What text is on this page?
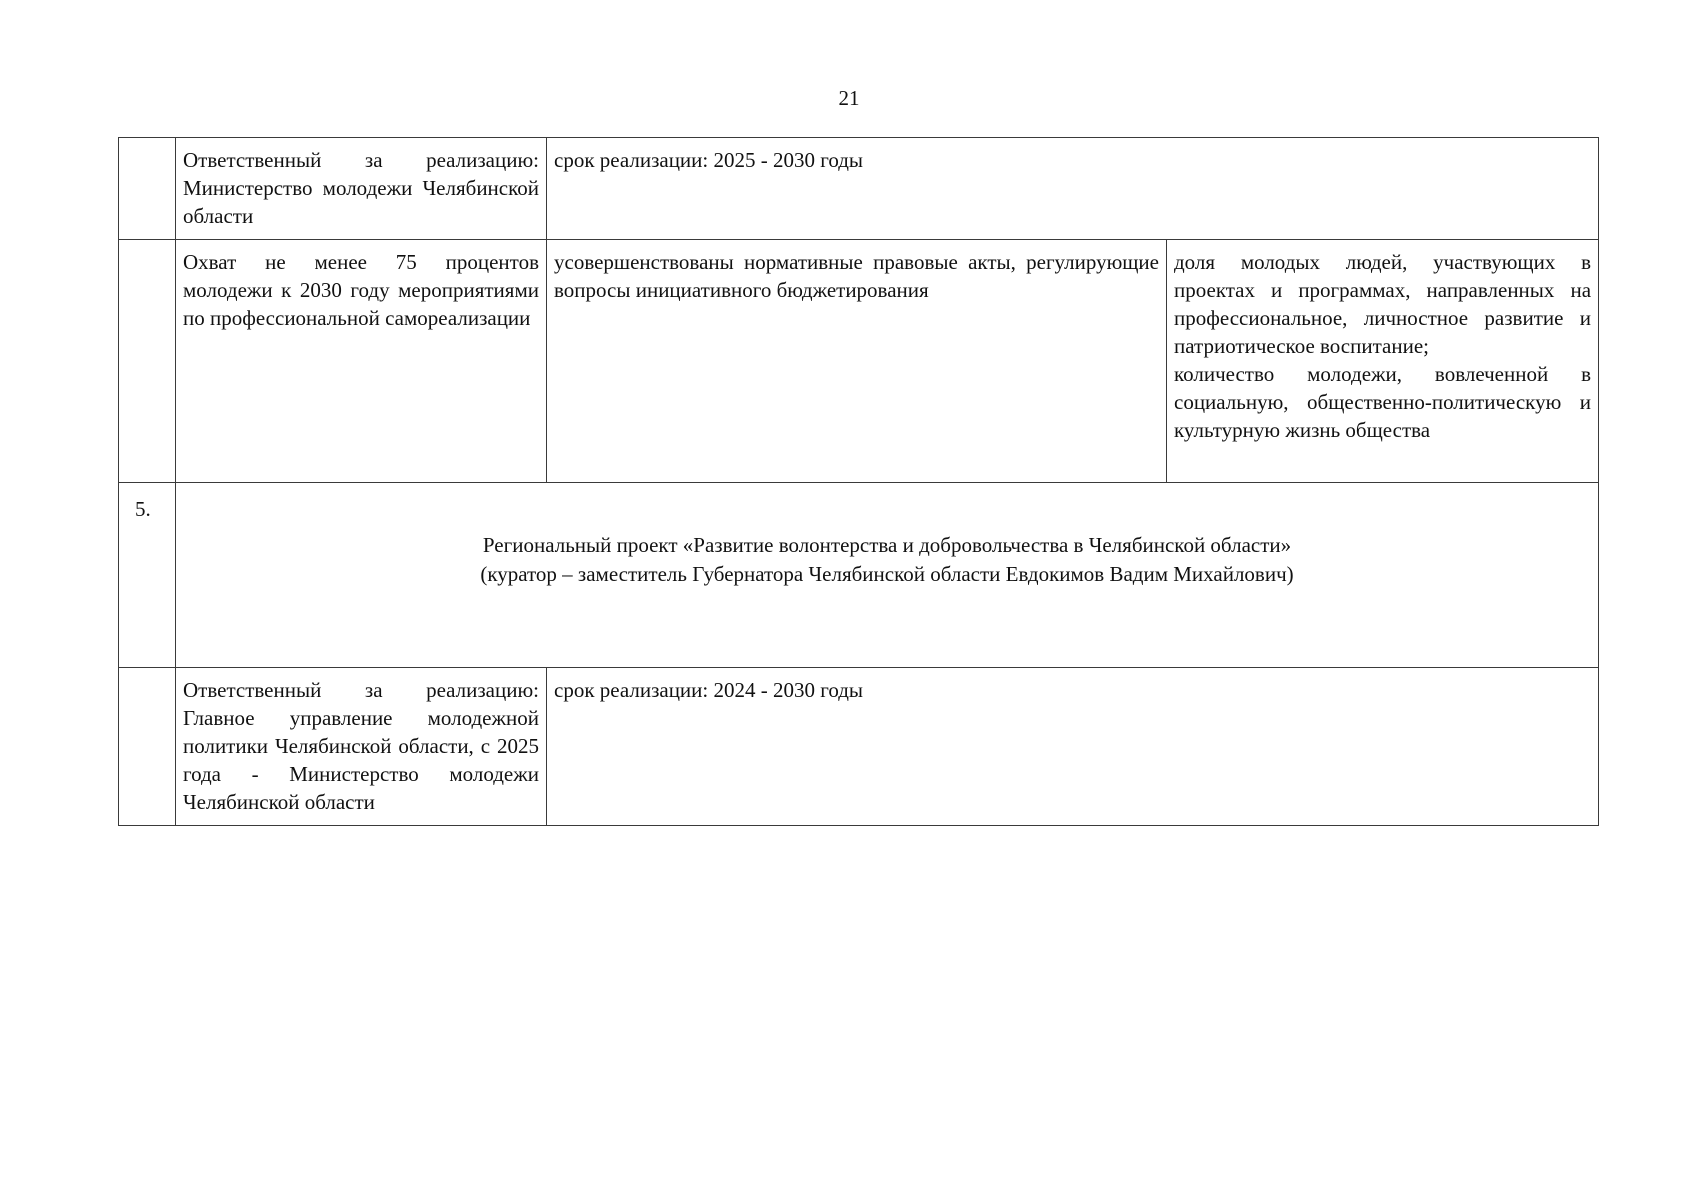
21
	Ответственный за реализацию: Министерство молодежи Челябинской области	срок реализации: 2025 - 2030 годы	
	Охват не менее 75 процентов молодежи к 2030 году мероприятиями по профессиональной самореализации	усовершенствованы нормативные правовые акты, регулирующие вопросы инициативного бюджетирования	доля молодых людей, участвующих в проектах и программах, направленных на профессиональное, личностное развитие и патриотическое воспитание;
количество молодежи, вовлеченной в социальную, общественно-политическую и культурную жизнь общества

5.	Региональный проект «Развитие волонтерства и добровольчества в Челябинской области»
(куратор – заместитель Губернатора Челябинской области Евдокимов Вадим Михайлович)		

	Ответственный за реализацию: Главное управление молодежной политики Челябинской области, с 2025 года - Министерство молодежи Челябинской области	срок реализации: 2024 - 2030 годы	
